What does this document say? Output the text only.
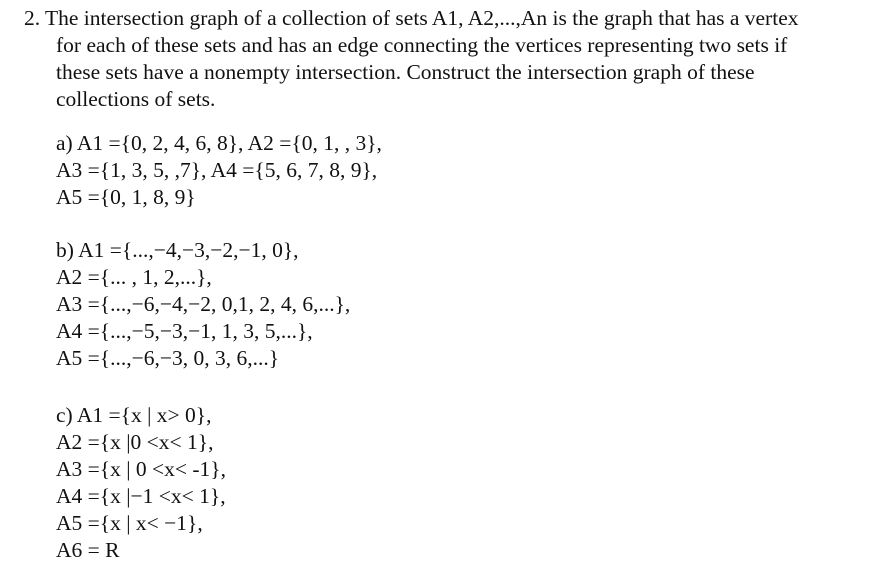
2. The intersection graph of a collection of sets A1, A2,...,An is the graph that has a vertex
for each of these sets and has an edge connecting the vertices representing two sets if
these sets have a nonempty intersection. Construct the intersection graph of these
collections of sets.
a) A1 ={0, 2, 4, 6, 8}, A2 ={0, 1, , 3},
A3 ={1, 3, 5, ,7}, A4 ={5, 6, 7, 8, 9},
A5 ={0, 1, 8, 9}
b) A1 ={...,−4,−3,−2,−1, 0},
A2 ={... , 1, 2,...},
A3 ={...,−6,−4,−2, 0,1, 2, 4, 6,...},
A4 ={...,−5,−3,−1, 1, 3, 5,...},
A5 ={...,−6,−3, 0, 3, 6,...}
c) A1 ={x | x> 0},
A2 ={x |0 <x< 1},
A3 ={x | 0 <x< -1},
A4 ={x |−1 <x< 1},
A5 ={x | x< −1},
A6 = R
